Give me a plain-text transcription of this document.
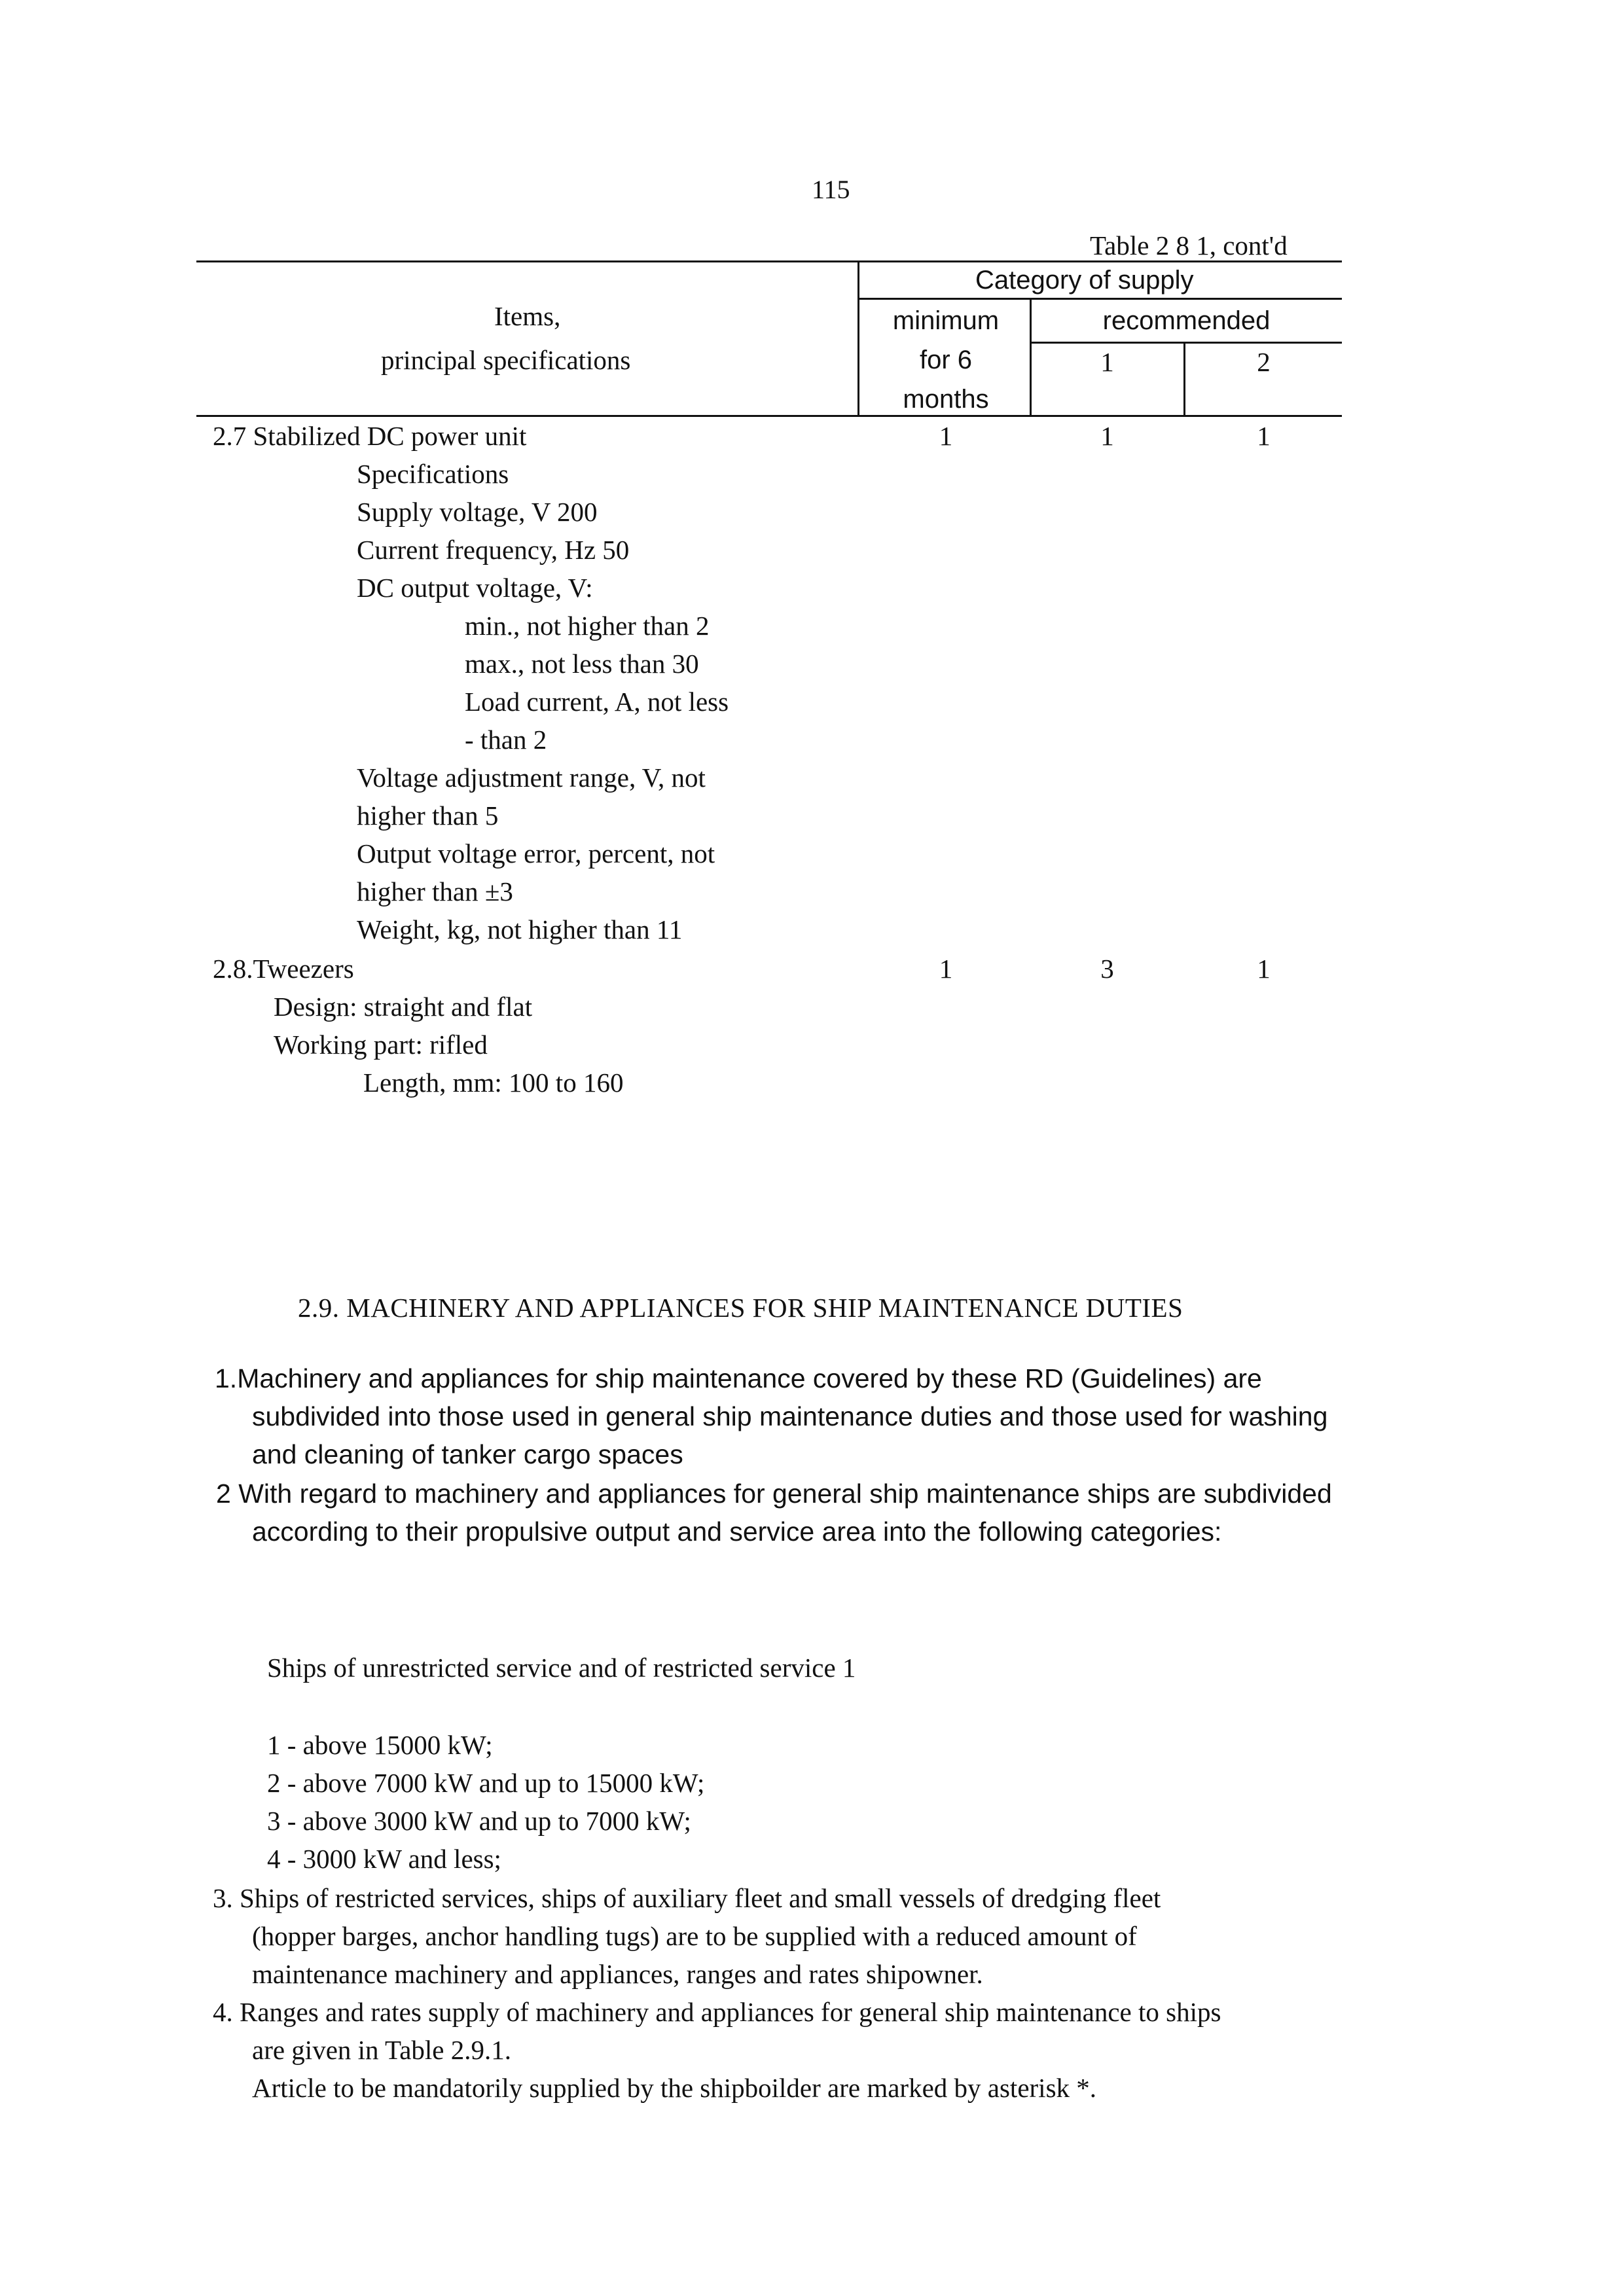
115
Table 2 8 1, cont'd
Items,
principal specifications
Category of supply
minimum
for 6
months
recommended
1	2
2.7 Stabilized DC power unit	1	1	1
Specifications
Supply voltage, V 200
Current frequency, Hz 50
DC output voltage, V:
min., not higher than 2
max., not less than 30
Load current, A, not less
- than 2
Voltage adjustment range, V, not
higher than 5
Output voltage error, percent, not
higher than ±3
Weight, kg, not higher than 11
2.8.Tweezers	1	3	1
Design: straight and flat
Working part: rifled
Length, mm: 100 to 160
2.9. MACHINERY AND APPLIANCES FOR SHIP MAINTENANCE DUTIES
1.Machinery and appliances for ship maintenance covered by these RD (Guidelines) are
subdivided into those used in general ship maintenance duties and those used for washing
and cleaning of tanker cargo spaces
2 With regard to machinery and appliances for general ship maintenance ships are subdivided
according to their propulsive output and service area into the following categories:
Ships of unrestricted service and of restricted service 1
1 - above 15000 kW;
2 - above 7000 kW and up to 15000 kW;
3 - above 3000 kW and up to 7000 kW;
4 - 3000 kW and less;
3. Ships of restricted services, ships of auxiliary fleet and small vessels of dredging fleet
(hopper barges, anchor handling tugs) are to be supplied with a reduced amount of
maintenance machinery and appliances, ranges and rates shipowner.
4. Ranges and rates supply of machinery and appliances for general ship maintenance to ships
are given in Table 2.9.1.
Article to be mandatorily supplied by the shipboilder are marked by asterisk *.
